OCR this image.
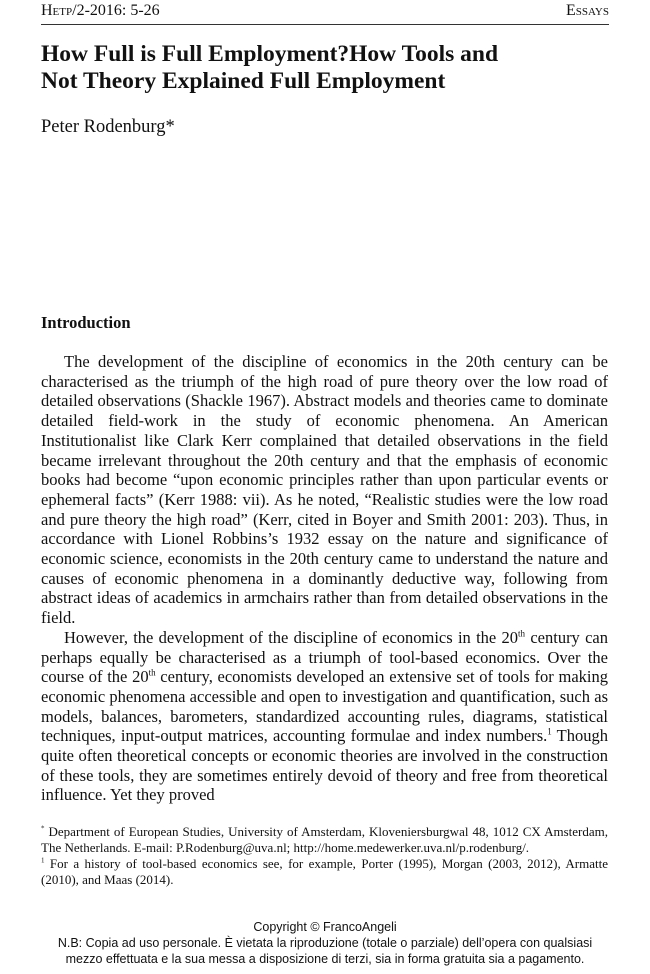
Hetp/2-2016: 5-26	Essays
How Full is Full Employment?How Tools and
Not Theory Explained Full Employment

Peter Rodenburg*

Introduction

The development of the discipline of economics in the 20th century can be characterised as the triumph of the high road of pure theory over the low road of detailed observations (Shackle 1967). Abstract models and theories came to dominate detailed field-work in the study of economic phenomena. An American Institutionalist like Clark Kerr complained that detailed observations in the field became irrelevant throughout the 20th century and that the emphasis of economic books had become “upon economic principles rather than upon particular events or ephemeral facts” (Kerr 1988: vii). As he noted, “Realistic studies were the low road and pure theory the high road” (Kerr, cited in Boyer and Smith 2001: 203). Thus, in accordance with Lionel Robbins’s 1932 essay on the nature and significance of economic science, economists in the 20th century came to understand the nature and causes of economic phenomena in a dominantly deductive way, following from abstract ideas of academics in armchairs rather than from detailed observations in the field.

However, the development of the discipline of economics in the 20th century can perhaps equally be characterised as a triumph of tool-based economics. Over the course of the 20th century, economists developed an extensive set of tools for making economic phenomena accessible and open to investigation and quantification, such as models, balances, barometers, standardized accounting rules, diagrams, statistical techniques, input-output matrices, accounting formulae and index numbers.$^1$ Though quite often theoretical concepts or economic theories are involved in the construction of these tools, they are sometimes entirely devoid of theory and free from theoretical influence. Yet they proved

* Department of European Studies, University of Amsterdam, Kloveniersburgwal 48, 1012 CX Amsterdam, The Netherlands. E-mail: P.Rodenburg@uva.nl; http://home.medewerker.uva.nl/p.rodenburg/.

$^1$ For a history of tool-based economics see, for example, Porter (1995), Morgan (2003, 2012), Armatte (2010), and Maas (2014).

Copyright © FrancoAngeli
N.B: Copia ad uso personale. È vietata la riproduzione (totale o parziale) dell’opera con qualsiasi
mezzo effettuata e la sua messa a disposizione di terzi, sia in forma gratuita sia a pagamento.
